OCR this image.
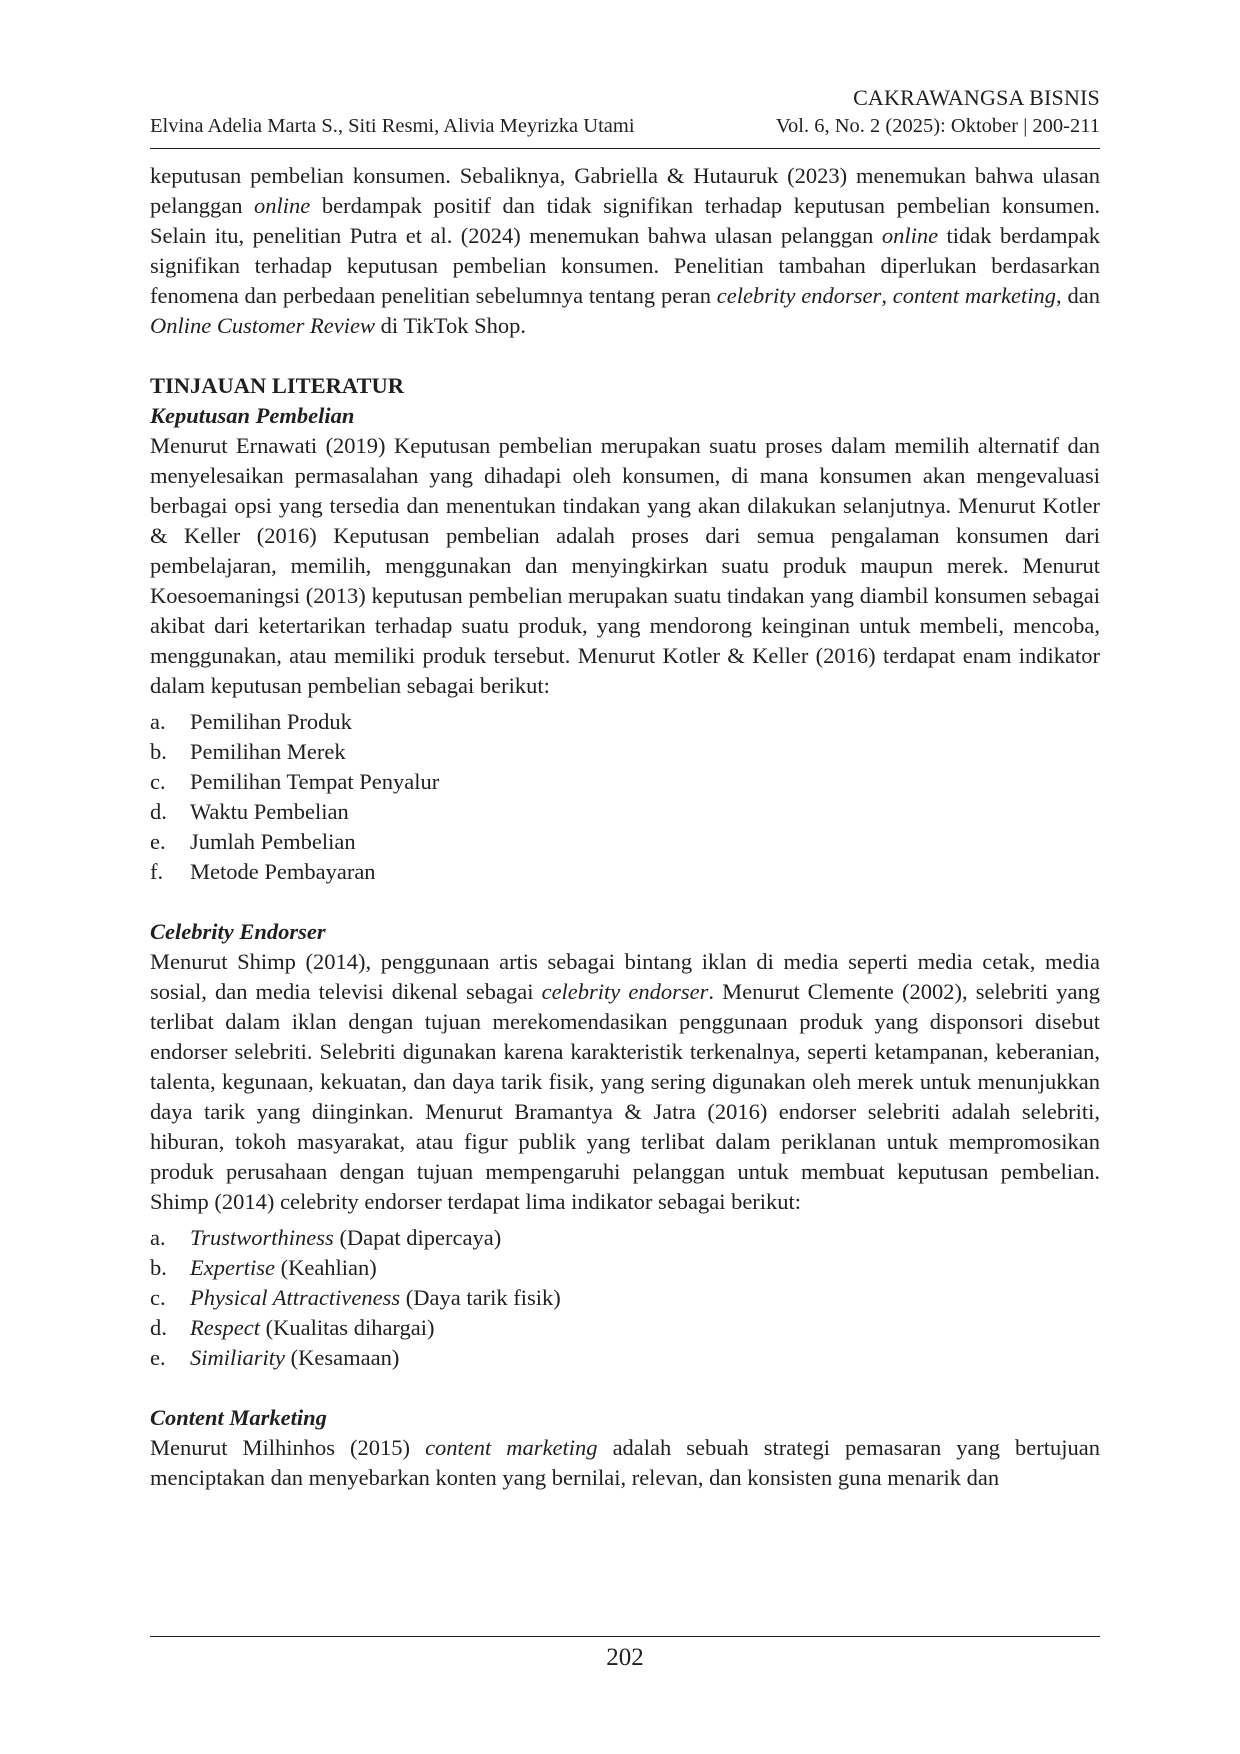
CAKRAWANGSA BISNIS
Elvina Adelia Marta S., Siti Resmi, Alivia Meyrizka Utami	Vol. 6, No. 2 (2025): Oktober | 200-211

keputusan pembelian konsumen. Sebaliknya, Gabriella & Hutauruk (2023) menemukan bahwa ulasan pelanggan online berdampak positif dan tidak signifikan terhadap keputusan pembelian konsumen. Selain itu, penelitian Putra et al. (2024) menemukan bahwa ulasan pelanggan online tidak berdampak signifikan terhadap keputusan pembelian konsumen. Penelitian tambahan diperlukan berdasarkan fenomena dan perbedaan penelitian sebelumnya tentang peran celebrity endorser, content marketing, dan Online Customer Review di TikTok Shop.

TINJAUAN LITERATUR
Keputusan Pembelian

Menurut Ernawati (2019) Keputusan pembelian merupakan suatu proses dalam memilih alternatif dan menyelesaikan permasalahan yang dihadapi oleh konsumen, di mana konsumen akan mengevaluasi berbagai opsi yang tersedia dan menentukan tindakan yang akan dilakukan selanjutnya. Menurut Kotler & Keller (2016) Keputusan pembelian adalah proses dari semua pengalaman konsumen dari pembelajaran, memilih, menggunakan dan menyingkirkan suatu produk maupun merek. Menurut Koesoemaningsi (2013) keputusan pembelian merupakan suatu tindakan yang diambil konsumen sebagai akibat dari ketertarikan terhadap suatu produk, yang mendorong keinginan untuk membeli, mencoba, menggunakan, atau memiliki produk tersebut. Menurut Kotler & Keller (2016) terdapat enam indikator dalam keputusan pembelian sebagai berikut:

a.	Pemilihan Produk
b.	Pemilihan Merek
c.	Pemilihan Tempat Penyalur
d.	Waktu Pembelian
e.	Jumlah Pembelian
f.	Metode Pembayaran
Celebrity Endorser

Menurut Shimp (2014), penggunaan artis sebagai bintang iklan di media seperti media cetak, media sosial, dan media televisi dikenal sebagai celebrity endorser. Menurut Clemente (2002), selebriti yang terlibat dalam iklan dengan tujuan merekomendasikan penggunaan produk yang disponsori disebut endorser selebriti. Selebriti digunakan karena karakteristik terkenalnya, seperti ketampanan, keberanian, talenta, kegunaan, kekuatan, dan daya tarik fisik, yang sering digunakan oleh merek untuk menunjukkan daya tarik yang diinginkan. Menurut Bramantya & Jatra (2016) endorser selebriti adalah selebriti, hiburan, tokoh masyarakat, atau figur publik yang terlibat dalam periklanan untuk mempromosikan produk perusahaan dengan tujuan mempengaruhi pelanggan untuk membuat keputusan pembelian. Shimp (2014) celebrity endorser terdapat lima indikator sebagai berikut:

a.	Trustworthiness (Dapat dipercaya)
b.	Expertise (Keahlian)
c.	Physical Attractiveness (Daya tarik fisik)
d.	Respect (Kualitas dihargai)
e.	Similiarity (Kesamaan)
Content Marketing

Menurut Milhinhos (2015) content marketing adalah sebuah strategi pemasaran yang bertujuan menciptakan dan menyebarkan konten yang bernilai, relevan, dan konsisten guna menarik dan

202
